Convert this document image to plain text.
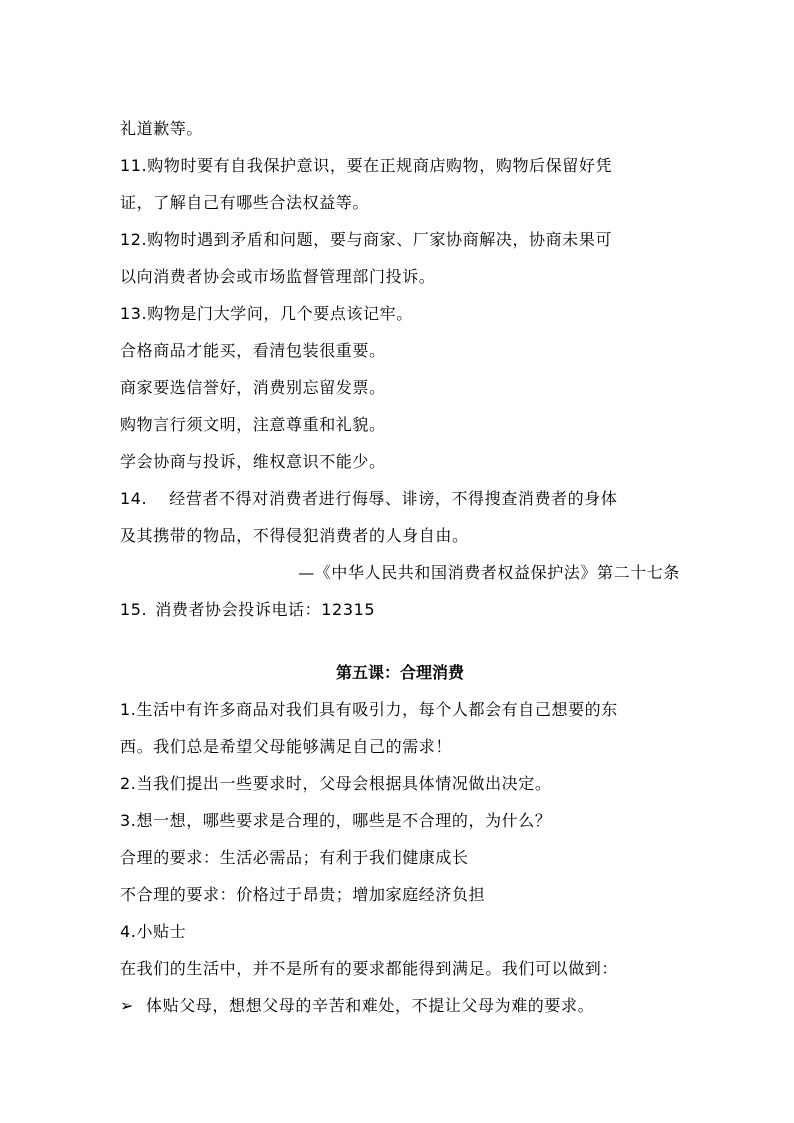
礼道歉等。
11.购物时要有自我保护意识，要在正规商店购物，购物后保留好凭
证，了解自己有哪些合法权益等。
12.购物时遇到矛盾和问题，要与商家、厂家协商解决，协商未果可
以向消费者协会或市场监督管理部门投诉。
13.购物是门大学问，几个要点该记牢。
合格商品才能买，看清包装很重要。
商家要选信誉好，消费别忘留发票。
购物言行须文明，注意尊重和礼貌。
学会协商与投诉，维权意识不能少。
14. 经营者不得对消费者进行侮辱、诽谤，不得搜查消费者的身体
及其携带的物品，不得侵犯消费者的人身自由。
—《中华人民共和国消费者权益保护法》第二十七条
15. 消费者协会投诉电话：12315
第五课：合理消费
1.生活中有许多商品对我们具有吸引力，每个人都会有自己想要的东
西。我们总是希望父母能够满足自己的需求！
2.当我们提出一些要求时，父母会根据具体情况做出决定。
3.想一想，哪些要求是合理的，哪些是不合理的，为什么？
合理的要求：生活必需品；有利于我们健康成长
不合理的要求：价格过于昂贵；增加家庭经济负担
4.小贴士
在我们的生活中，并不是所有的要求都能得到满足。我们可以做到：
➢ 体贴父母，想想父母的辛苦和难处，不提让父母为难的要求。
